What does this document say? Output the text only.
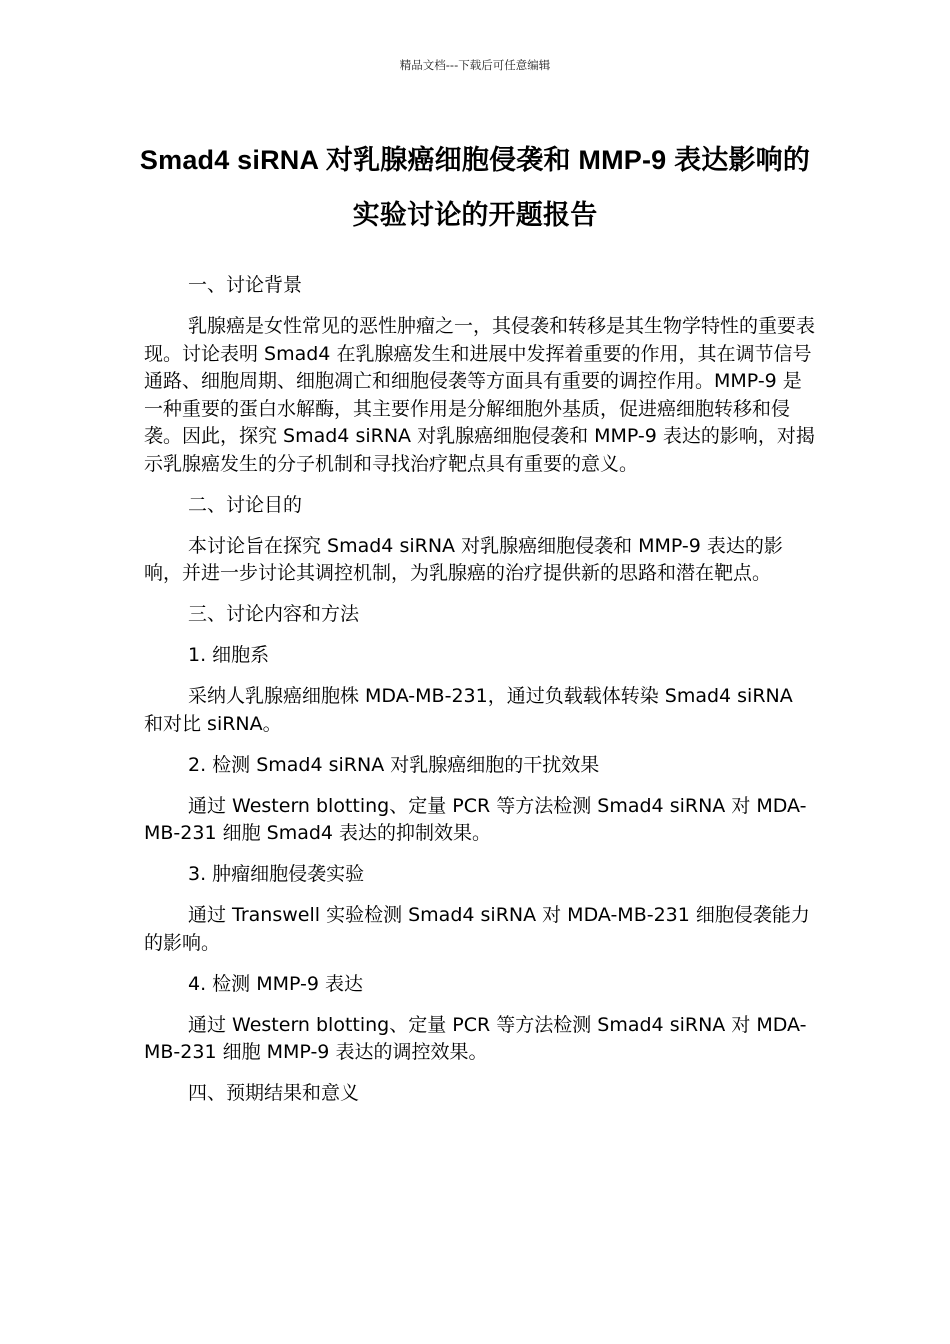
精品文档---下载后可任意编辑
Smad4 siRNA 对乳腺癌细胞侵袭和 MMP-9 表达影响的实验讨论的开题报告

一、讨论背景

乳腺癌是女性常见的恶性肿瘤之一，其侵袭和转移是其生物学特性的重要表现。讨论表明 Smad4 在乳腺癌发生和进展中发挥着重要的作用，其在调节信号通路、细胞周期、细胞凋亡和细胞侵袭等方面具有重要的调控作用。MMP-9 是一种重要的蛋白水解酶，其主要作用是分解细胞外基质，促进癌细胞转移和侵袭。因此，探究 Smad4 siRNA 对乳腺癌细胞侵袭和 MMP-9 表达的影响，对揭示乳腺癌发生的分子机制和寻找治疗靶点具有重要的意义。

二、讨论目的

本讨论旨在探究 Smad4 siRNA 对乳腺癌细胞侵袭和 MMP-9 表达的影响，并进一步讨论其调控机制，为乳腺癌的治疗提供新的思路和潜在靶点。

三、讨论内容和方法

1. 细胞系

采纳人乳腺癌细胞株 MDA-MB-231，通过负载载体转染 Smad4 siRNA 和对比 siRNA。

2. 检测 Smad4 siRNA 对乳腺癌细胞的干扰效果

通过 Western blotting、定量 PCR 等方法检测 Smad4 siRNA 对 MDA-MB-231 细胞 Smad4 表达的抑制效果。

3. 肿瘤细胞侵袭实验

通过 Transwell 实验检测 Smad4 siRNA 对 MDA-MB-231 细胞侵袭能力的影响。

4. 检测 MMP-9 表达

通过 Western blotting、定量 PCR 等方法检测 Smad4 siRNA 对 MDA-MB-231 细胞 MMP-9 表达的调控效果。

四、预期结果和意义
